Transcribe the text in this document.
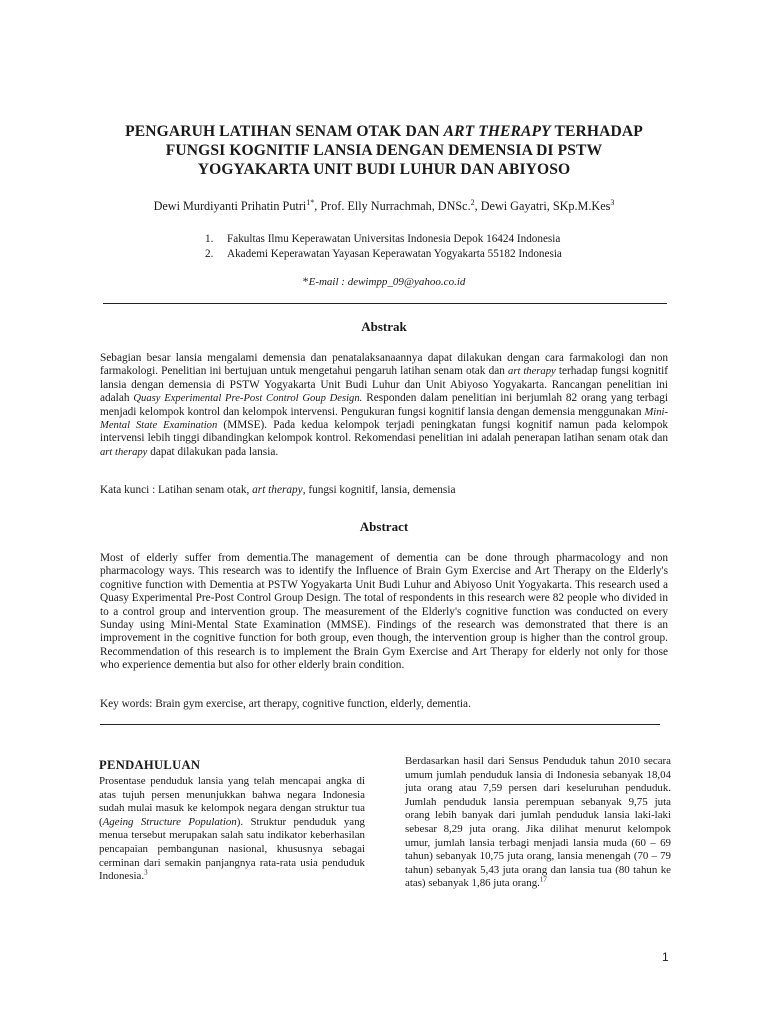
PENGARUH LATIHAN SENAM OTAK DAN ART THERAPY TERHADAP
FUNGSI KOGNITIF LANSIA DENGAN DEMENSIA DI PSTW
YOGYAKARTA UNIT BUDI LUHUR DAN ABIYOSO
Dewi Murdiyanti Prihatin Putri$^{1*}$, Prof. Elly Nurrachmah, DNSc.$^2$, Dewi Gayatri, SKp.M.Kes$^3$
1.	Fakultas Ilmu Keperawatan Universitas Indonesia Depok 16424 Indonesia
2.	Akademi Keperawatan Yayasan Keperawatan Yogyakarta 55182 Indonesia
*E-mail : dewimpp_09@yahoo.co.id
Abstrak
Sebagian besar lansia mengalami demensia dan penatalaksanaannya dapat dilakukan dengan cara farmakologi dan non farmakologi. Penelitian ini bertujuan untuk mengetahui pengaruh latihan senam otak dan art therapy terhadap fungsi kognitif lansia dengan demensia di PSTW Yogyakarta Unit Budi Luhur dan Unit Abiyoso Yogyakarta. Rancangan penelitian ini adalah Quasy Experimental Pre-Post Control Goup Design. Responden dalam penelitian ini berjumlah 82 orang yang terbagi menjadi kelompok kontrol dan kelompok intervensi. Pengukuran fungsi kognitif lansia dengan demensia menggunakan Mini-Mental State Examination (MMSE). Pada kedua kelompok terjadi peningkatan fungsi kognitif namun pada kelompok intervensi lebih tinggi dibandingkan kelompok kontrol. Rekomendasi penelitian ini adalah penerapan latihan senam otak dan art therapy dapat dilakukan pada lansia.
Kata kunci : Latihan senam otak, art therapy, fungsi kognitif, lansia, demensia
Abstract
Most of elderly suffer from dementia.The management of dementia can be done through pharmacology and non pharmacology ways. This research was to identify the Influence of Brain Gym Exercise and Art Therapy on the Elderly's cognitive function with Dementia at PSTW Yogyakarta Unit Budi Luhur and Abiyoso Unit Yogyakarta. This research used a Quasy Experimental Pre-Post Control Group Design. The total of respondents in this research were 82 people who divided in to a control group and intervention group. The measurement of the Elderly's cognitive function was conducted on every Sunday using Mini-Mental State Examination (MMSE). Findings of the research was demonstrated that there is an improvement in the cognitive function for both group, even though, the intervention group is higher than the control group. Recommendation of this research is to implement the Brain Gym Exercise and Art Therapy for elderly not only for those who experience dementia but also for other elderly brain condition.
Key words: Brain gym exercise, art therapy, cognitive function, elderly, dementia.
PENDAHULUAN
Prosentase penduduk lansia yang telah mencapai angka di atas tujuh persen menunjukkan bahwa negara Indonesia sudah mulai masuk ke kelompok negara dengan struktur tua (Ageing Structure Population). Struktur penduduk yang menua tersebut merupakan salah satu indikator keberhasilan pencapaian pembangunan nasional, khususnya sebagai cerminan dari semakin panjangnya rata-rata usia penduduk Indonesia.$^3$
Berdasarkan hasil dari Sensus Penduduk tahun 2010 secara umum jumlah penduduk lansia di Indonesia sebanyak 18,04 juta orang atau 7,59 persen dari keseluruhan penduduk. Jumlah penduduk lansia perempuan sebanyak 9,75 juta orang lebih banyak dari jumlah penduduk lansia laki-laki sebesar 8,29 juta orang. Jika dilihat menurut kelompok umur, jumlah lansia terbagi menjadi lansia muda (60 – 69 tahun) sebanyak 10,75 juta orang, lansia menengah (70 – 79 tahun) sebanyak 5,43 juta orang dan lansia tua (80 tahun ke atas) sebanyak 1,86 juta orang.$^{17}$
1
